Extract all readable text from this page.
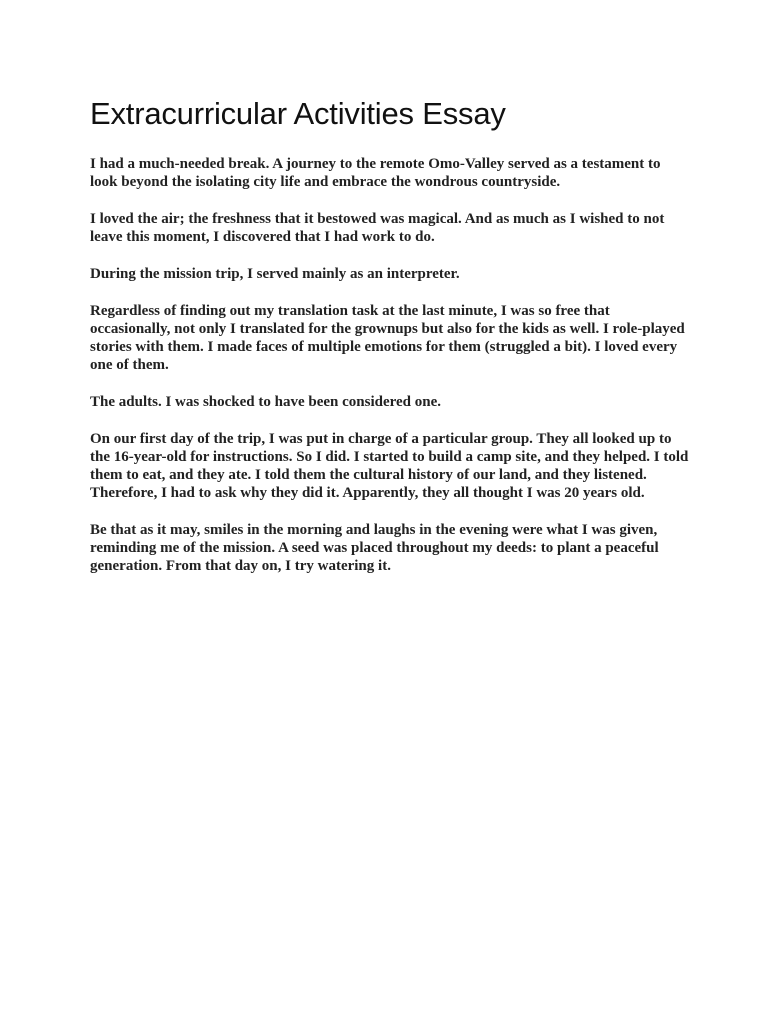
Extracurricular Activities Essay

I had a much-needed break. A journey to the remote Omo-Valley served as a testament to look beyond the isolating city life and embrace the wondrous countryside.

I loved the air; the freshness that it bestowed was magical. And as much as I wished to not leave this moment, I discovered that I had work to do.

During the mission trip, I served mainly as an interpreter.

Regardless of finding out my translation task at the last minute, I was so free that occasionally, not only I translated for the grownups but also for the kids as well. I role-played stories with them. I made faces of multiple emotions for them (struggled a bit). I loved every one of them.

The adults. I was shocked to have been considered one.

On our first day of the trip, I was put in charge of a particular group. They all looked up to the 16-year-old for instructions. So I did. I started to build a camp site, and they helped. I told them to eat, and they ate. I told them the cultural history of our land, and they listened. Therefore, I had to ask why they did it. Apparently, they all thought I was 20 years old.

Be that as it may, smiles in the morning and laughs in the evening were what I was given, reminding me of the mission. A seed was placed throughout my deeds: to plant a peaceful generation. From that day on, I try watering it.
